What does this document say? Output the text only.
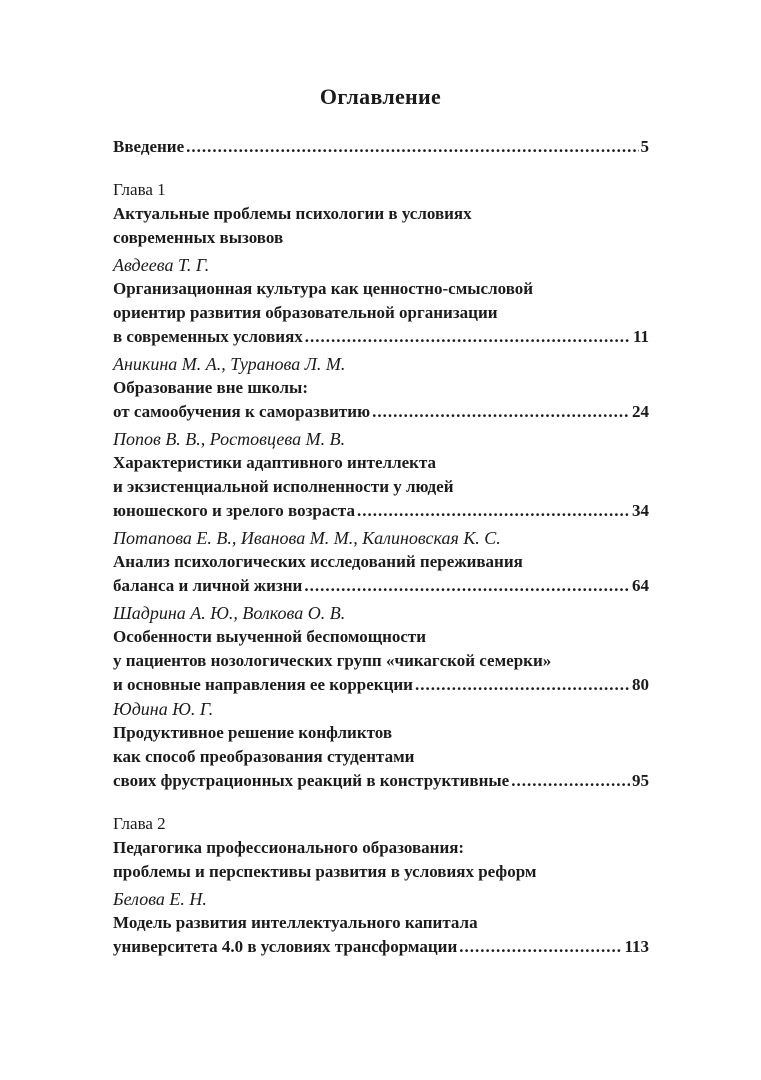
Оглавление
Введение .....	5
Глава 1
Актуальные проблемы психологии в условиях
современных вызовов
Авдеева Т. Г.
Организационная культура как ценностно-смысловой
ориентир развития образовательной организации
в современных условиях .....	11
Аникина М. А., Туранова Л. М.
Образование вне школы:
от самообучения к саморазвитию .....	24
Попов В. В., Ростовцева М. В.
Характеристики адаптивного интеллекта
и экзистенциальной исполненности у людей
юношеского и зрелого возраста .....	34
Потапова Е. В., Иванова М. М., Калиновская К. С.
Анализ психологических исследований переживания
баланса и личной жизни .....	64
Шадрина А. Ю., Волкова О. В.
Особенности выученной беспомощности
у пациентов нозологических групп «чикагской семерки»
и основные направления ее коррекции .....	80
Юдина Ю. Г.
Продуктивное решение конфликтов
как способ преобразования студентами
своих фрустрационных реакций в конструктивные .....	95
Глава 2
Педагогика профессионального образования:
проблемы и перспективы развития в условиях реформ
Белова Е. Н.
Модель развития интеллектуального капитала
университета 4.0 в условиях трансформации .....	113
